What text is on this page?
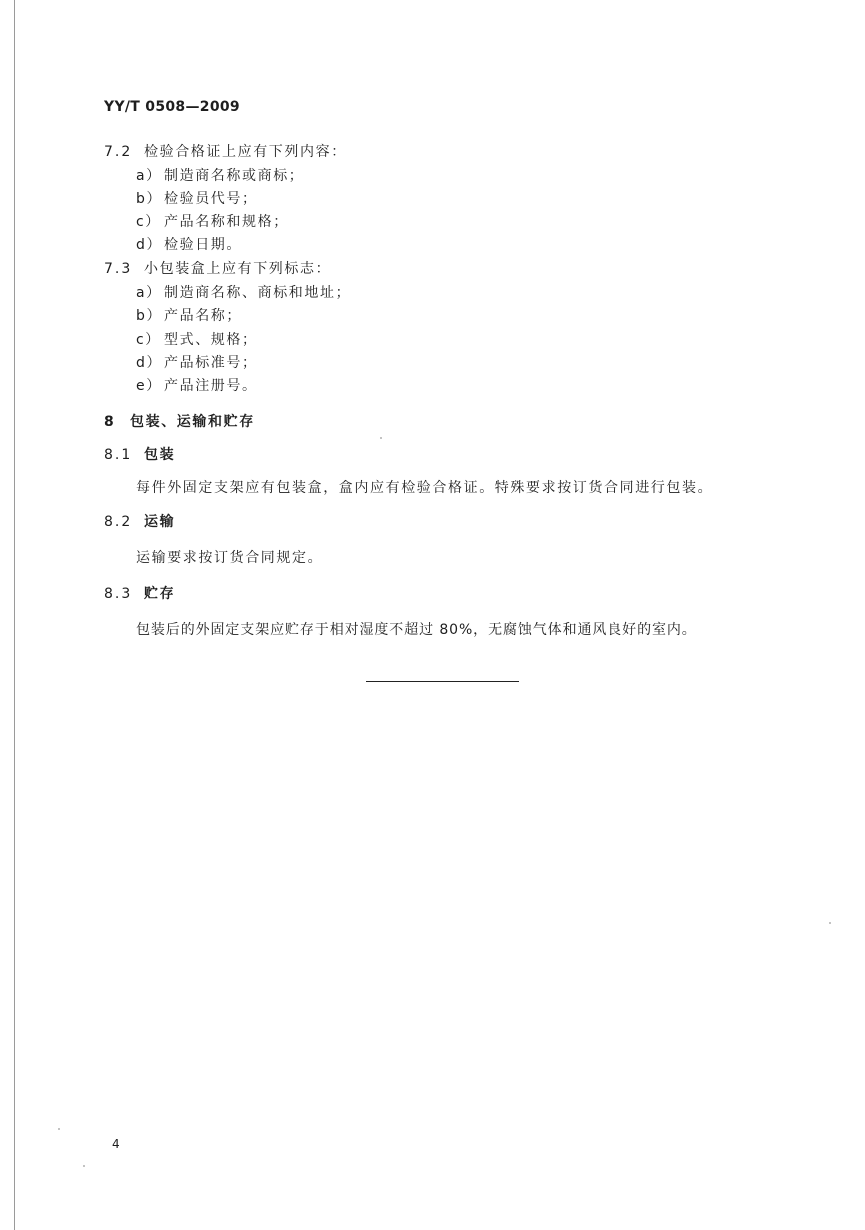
YY/T 0508—2009
7.2 检验合格证上应有下列内容：
a） 制造商名称或商标；
b） 检验员代号；
c） 产品名称和规格；
d） 检验日期。
7.3 小包装盒上应有下列标志：
a） 制造商名称、商标和地址；
b） 产品名称；
c） 型式、规格；
d） 产品标准号；
e） 产品注册号。
8 包装、运输和贮存
8.1 包装
每件外固定支架应有包装盒，盒内应有检验合格证。特殊要求按订货合同进行包装。
8.2 运输
运输要求按订货合同规定。
8.3 贮存
包装后的外固定支架应贮存于相对湿度不超过 80%，无腐蚀气体和通风良好的室内。
4
